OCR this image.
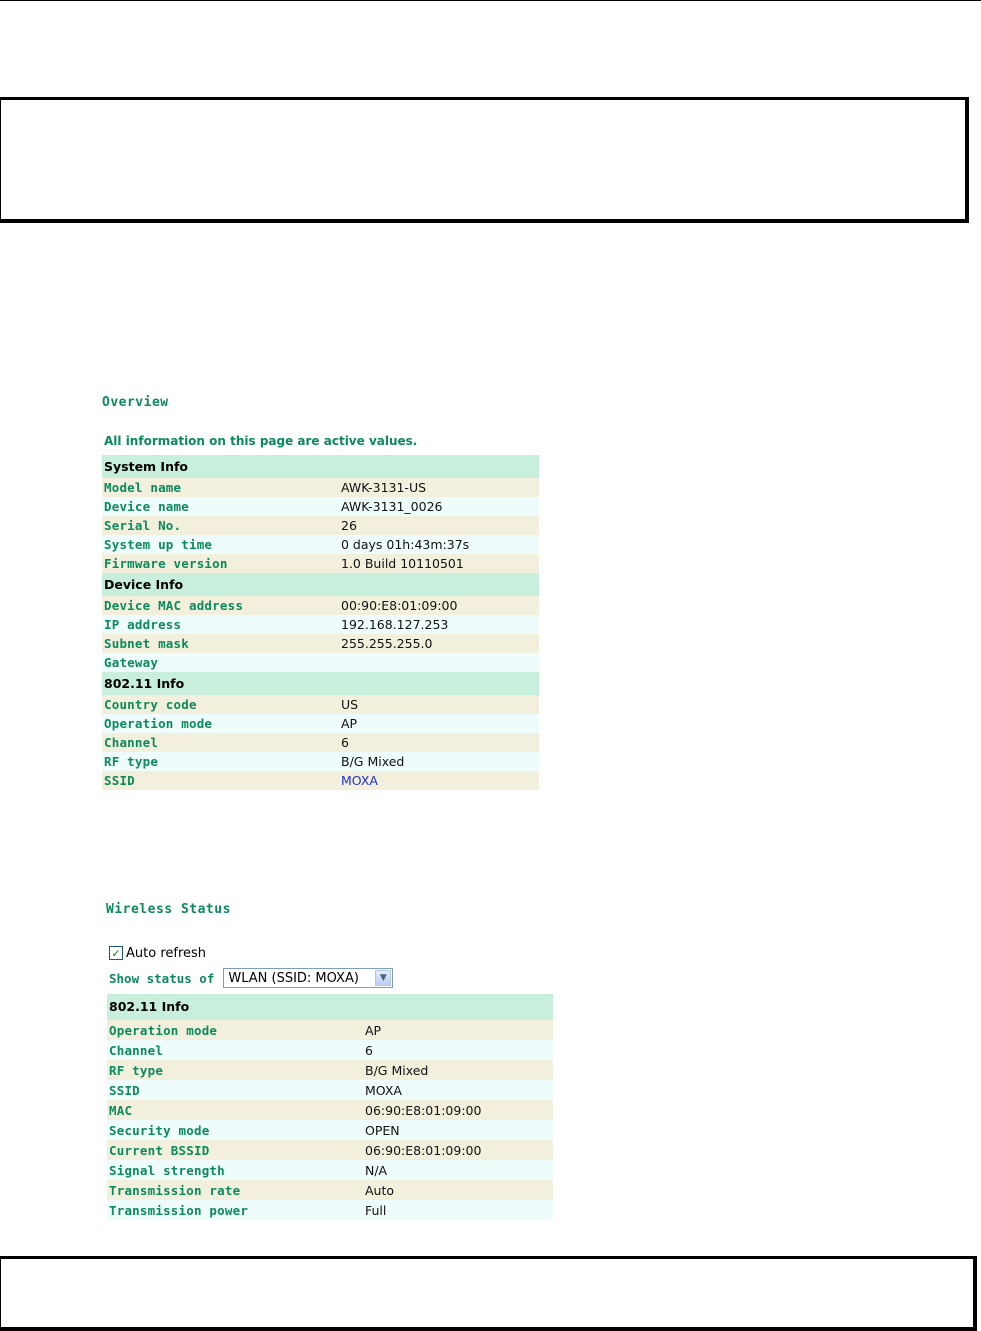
Overview
All information on this page are active values.
System Info	
Model name	AWK-3131-US
Device name	AWK-3131_0026
Serial No.	26
System up time	0 days 01h:43m:37s
Firmware version	1.0 Build 10110501
Device Info	
Device MAC address	00:90:E8:01:09:00
IP address	192.168.127.253
Subnet mask	255.255.255.0
Gateway	
802.11 Info	
Country code	US
Operation mode	AP
Channel	6
RF type	B/G Mixed
SSID	MOXA
Wireless Status
✓ Auto refresh
Show status of	WLAN (SSID: MOXA)	▼
802.11 Info	
Operation mode	AP
Channel	6
RF type	B/G Mixed
SSID	MOXA
MAC	06:90:E8:01:09:00
Security mode	OPEN
Current BSSID	06:90:E8:01:09:00
Signal strength	N/A
Transmission rate	Auto
Transmission power	Full
